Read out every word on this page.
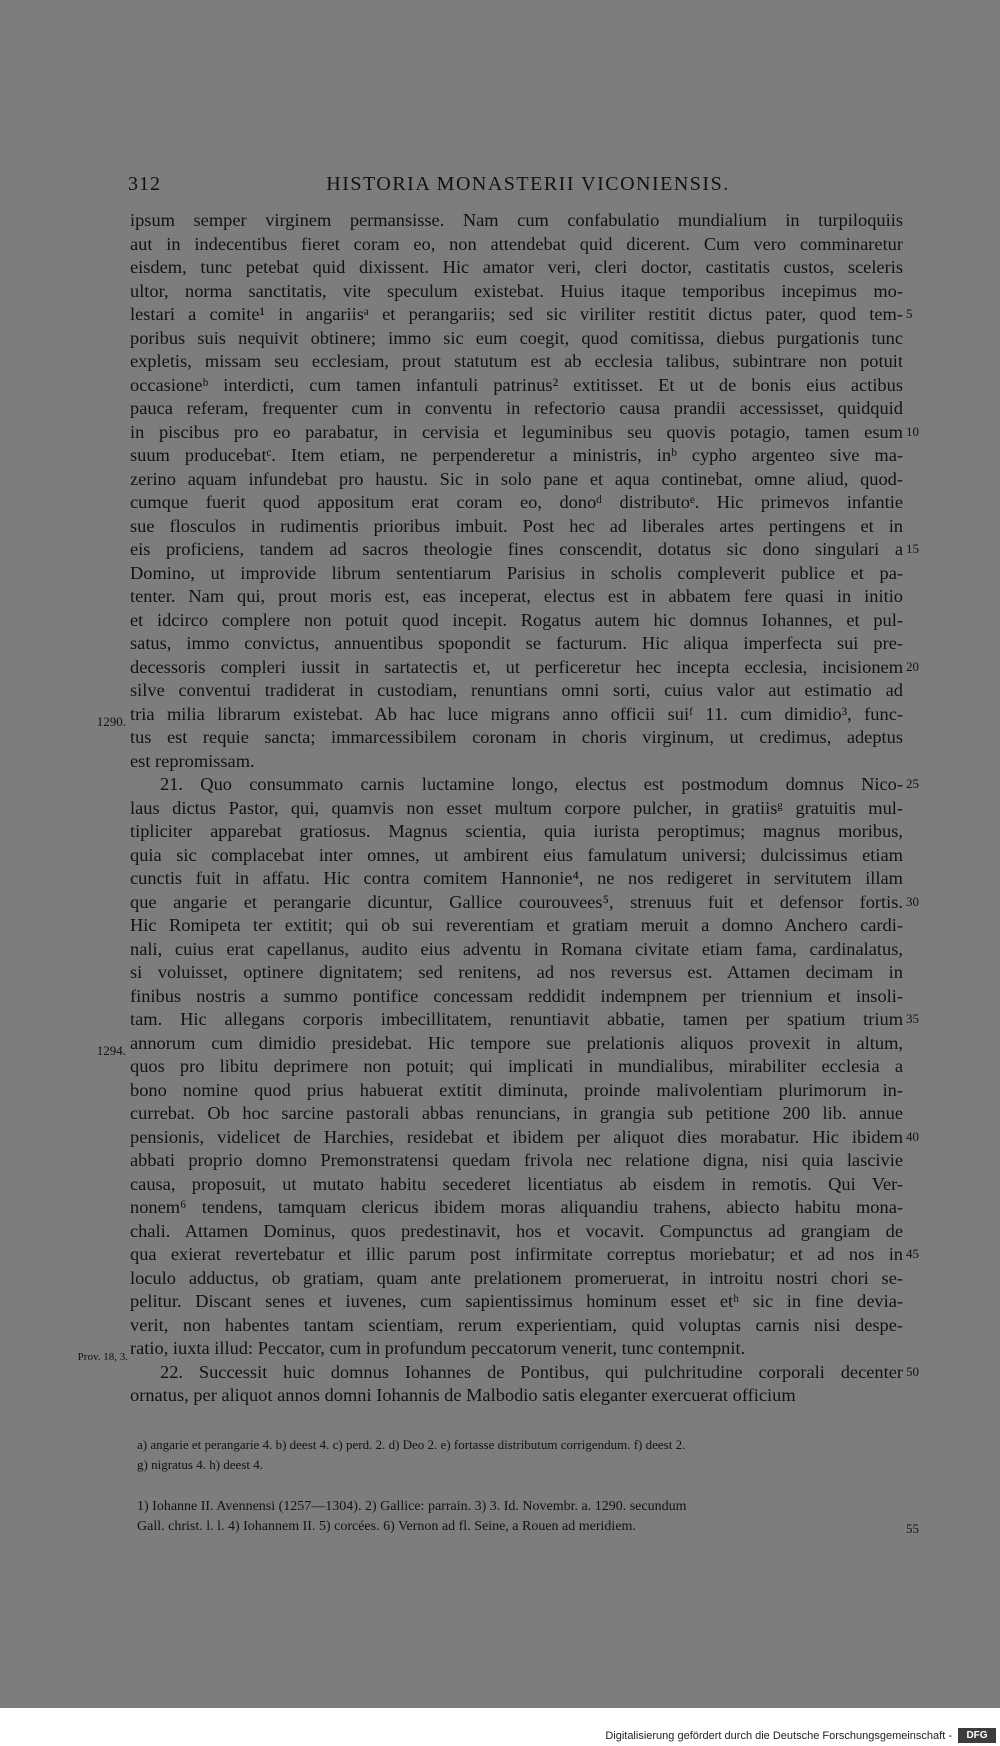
312	HISTORIA MONASTERII VICONIENSIS.
ipsum semper virginem permansisse. Nam cum confabulatio mundialium in turpiloquiis
aut in indecentibus fieret coram eo, non attendebat quid dicerent. Cum vero comminaretur
eisdem, tunc petebat quid dixissent. Hic amator veri, cleri doctor, castitatis custos, sceleris
ultor, norma sanctitatis, vite speculum existebat. Huius itaque temporibus incepimus mo-
lestari a comite¹ in angariisᵃ et perangariis; sed sic viriliter restitit dictus pater, quod tem-
poribus suis nequivit obtinere; immo sic eum coegit, quod comitissa, diebus purgationis tunc
expletis, missam seu ecclesiam, prout statutum est ab ecclesia talibus, subintrare non potuit
occasioneᵇ interdicti, cum tamen infantuli patrinus² extitisset. Et ut de bonis eius actibus
pauca referam, frequenter cum in conventu in refectorio causa prandii accessisset, quidquid
in piscibus pro eo parabatur, in cervisia et leguminibus seu quovis potagio, tamen esum
suum producebatᶜ. Item etiam, ne perpenderetur a ministris, inᵇ cypho argenteo sive ma-
zerino aquam infundebat pro haustu. Sic in solo pane et aqua continebat, omne aliud, quod-
cumque fuerit quod appositum erat coram eo, donoᵈ distributoᵉ. Hic primevos infantie
sue flosculos in rudimentis prioribus imbuit. Post hec ad liberales artes pertingens et in
eis proficiens, tandem ad sacros theologie fines conscendit, dotatus sic dono singulari a
Domino, ut improvide librum sententiarum Parisius in scholis compleverit publice et pa-
tenter. Nam qui, prout moris est, eas inceperat, electus est in abbatem fere quasi in initio
et idcirco complere non potuit quod incepit. Rogatus autem hic domnus Iohannes, et pul-
satus, immo convictus, annuentibus spopondit se facturum. Hic aliqua imperfecta sui pre-
decessoris compleri iussit in sartatectis et, ut perficeretur hec incepta ecclesia, incisionem
silve conventui tradiderat in custodiam, renuntians omni sorti, cuius valor aut estimatio ad
tria milia librarum existebat. Ab hac luce migrans anno officii suiᶠ 11. cum dimidio³, func-
tus est requie sancta; immarcessibilem coronam in choris virginum, ut credimus, adeptus
est repromissam.
21. Quo consummato carnis luctamine longo, electus est postmodum domnus Nico-
laus dictus Pastor, qui, quamvis non esset multum corpore pulcher, in gratiisᵍ gratuitis mul-
tipliciter apparebat gratiosus. Magnus scientia, quia iurista peroptimus; magnus moribus,
quia sic complacebat inter omnes, ut ambirent eius famulatum universi; dulcissimus etiam
cunctis fuit in affatu. Hic contra comitem Hannonie⁴, ne nos redigeret in servitutem illam
que angarie et perangarie dicuntur, Gallice courouvees⁵, strenuus fuit et defensor fortis.
Hic Romipeta ter extitit; qui ob sui reverentiam et gratiam meruit a domno Anchero cardi-
nali, cuius erat capellanus, audito eius adventu in Romana civitate etiam fama, cardinalatus,
si voluisset, optinere dignitatem; sed renitens, ad nos reversus est. Attamen decimam in
finibus nostris a summo pontifice concessam reddidit indempnem per triennium et insoli-
tam. Hic allegans corporis imbecillitatem, renuntiavit abbatie, tamen per spatium trium
annorum cum dimidio presidebat. Hic tempore sue prelationis aliquos provexit in altum,
quos pro libitu deprimere non potuit; qui implicati in mundialibus, mirabiliter ecclesia a
bono nomine quod prius habuerat extitit diminuta, proinde malivolentiam plurimorum in-
currebat. Ob hoc sarcine pastorali abbas renuncians, in grangia sub petitione 200 lib. annue
pensionis, videlicet de Harchies, residebat et ibidem per aliquot dies morabatur. Hic ibidem
abbati proprio domno Premonstratensi quedam frivola nec relatione digna, nisi quia lascivie
causa, proposuit, ut mutato habitu secederet licentiatus ab eisdem in remotis. Qui Ver-
nonem⁶ tendens, tamquam clericus ibidem moras aliquandiu trahens, abiecto habitu mona-
chali. Attamen Dominus, quos predestinavit, hos et vocavit. Compunctus ad grangiam de
qua exierat revertebatur et illic parum post infirmitate correptus moriebatur; et ad nos in
loculo adductus, ob gratiam, quam ante prelationem promeruerat, in introitu nostri chori se-
pelitur. Discant senes et iuvenes, cum sapientissimus hominum esset etʰ sic in fine devia-
verit, non habentes tantam scientiam, rerum experientiam, quid voluptas carnis nisi despe-
ratio, iuxta illud: Peccator, cum in profundum peccatorum venerit, tunc contempnit.
22. Successit huic domnus Iohannes de Pontibus, qui pulchritudine corporali decenter
ornatus, per aliquot annos domni Iohannis de Malbodio satis eleganter exercuerat officium
5
10
15
20
25
30
35
40
45
50
55
1290.
1294.
Prov. 18, 3.
a) angarie et perangarie 4. b) deest 4. c) perd. 2. d) Deo 2. e) fortasse distributum corrigendum. f) deest 2.
g) nigratus 4. h) deest 4.
1) Iohanne II. Avennensi (1257—1304). 2) Gallice: parrain. 3) 3. Id. Novembr. a. 1290. secundum
Gall. christ. l. l. 4) Iohannem II. 5) corcées. 6) Vernon ad fl. Seine, a Rouen ad meridiem.
Digitalisierung gefördert durch die Deutsche Forschungsgemeinschaft -	DFG
